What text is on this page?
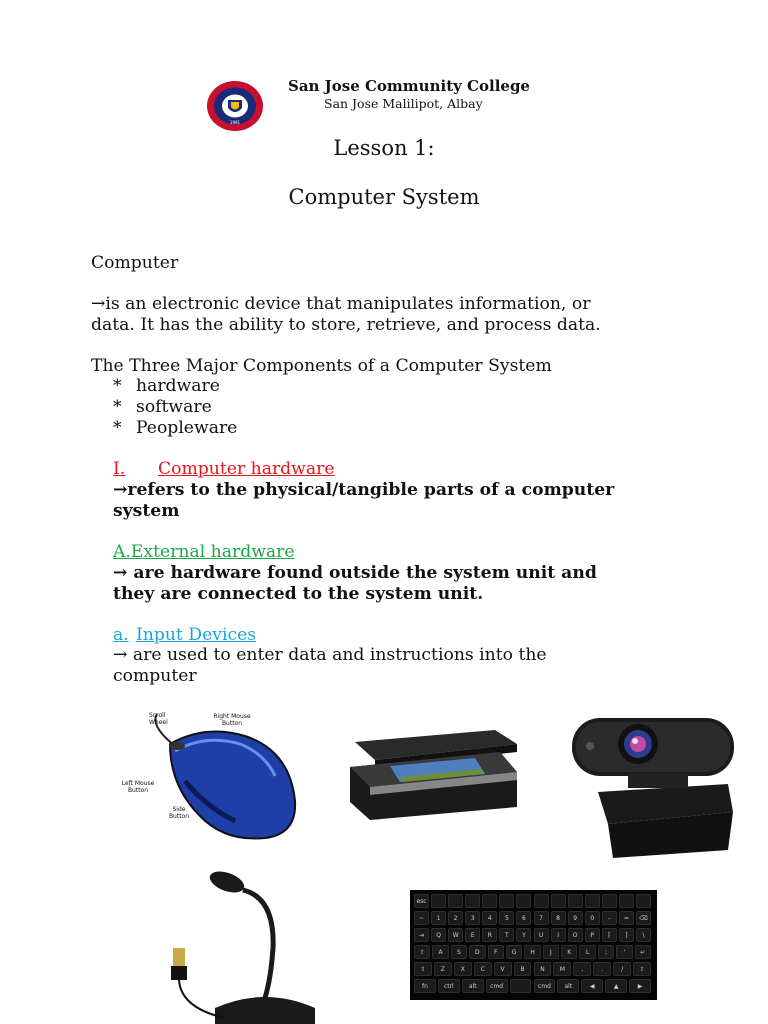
1991
San Jose Community College
San Jose Malilipot, Albay
Lesson 1:
Computer System
Computer
→is an electronic device that manipulates information, or
data. It has the ability to store, retrieve, and process data.
The Three Major Components of a Computer System
* hardware
* software
* Peopleware
I. Computer hardware
→refers to the physical/tangible parts of a computer
system
A.External hardware
→ are hardware found outside the system unit and
they are connected to the system unit.
a. Input Devices
→ are used to enter data and instructions into the
computer
Scroll Wheel
Right Mouse Button
Left Mouse Button
Side Button
esc
~	1	2	3	4	5	6	7	8	9	0	-	=	⌫
⇥	Q	W	E	R	T	Y	U	I	O	P	[	]	\
⇪	A	S	D	F	G	H	J	K	L	;	'	↵
⇧	Z	X	C	V	B	N	M	,	.	/	⇧
fn	ctrl	alt	cmd	cmd	alt	◀	▲	▶
